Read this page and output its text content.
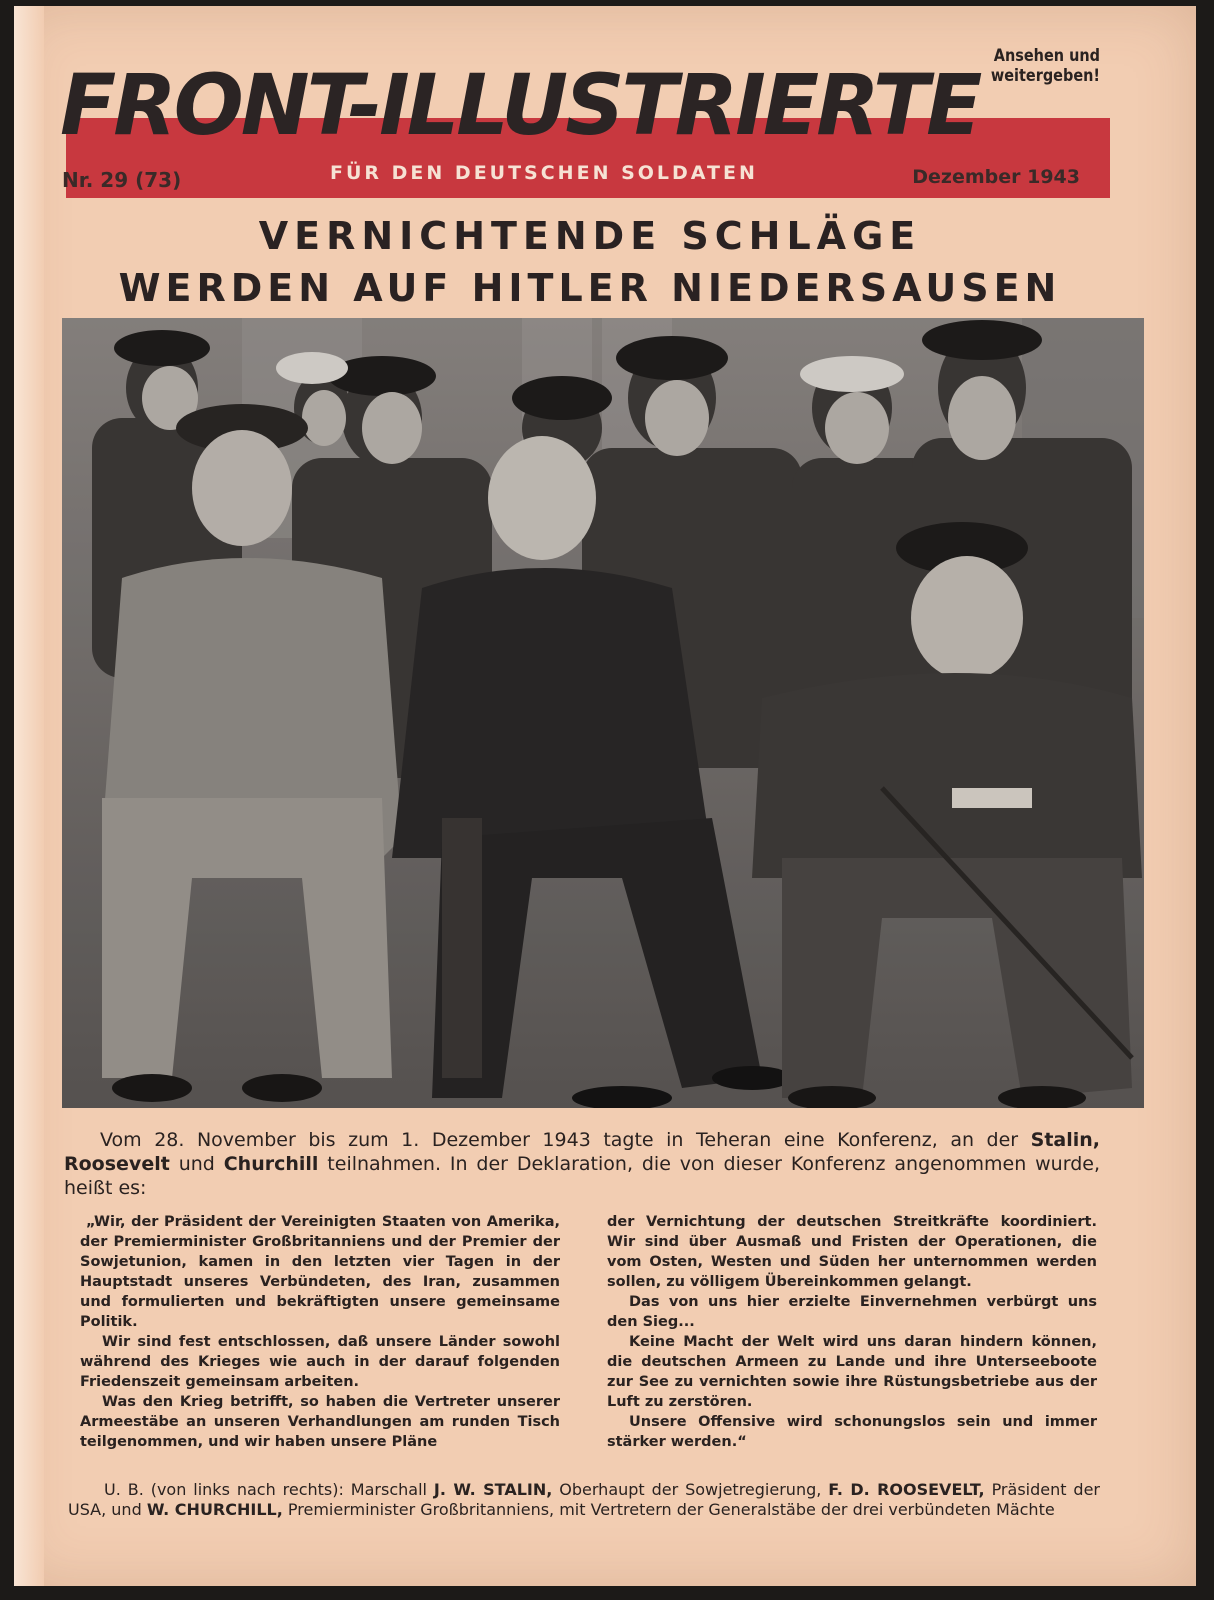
Ansehen und weitergeben!
FRONT-ILLUSTRIERTE
Nr. 29 (73)	FÜR DEN DEUTSCHEN SOLDATEN	Dezember 1943
VERNICHTENDE SCHLÄGE
WERDEN AUF HITLER NIEDERSAUSEN
Vom 28. November bis zum 1. Dezember 1943 tagte in Teheran eine Konferenz, an der Stalin, Roosevelt und Churchill teilnahmen. In der Deklaration, die von dieser Konferenz angenommen wurde, heißt es:

„Wir, der Präsident der Vereinigten Staaten von Amerika, der Premierminister Großbritanniens und der Premier der Sowjetunion, kamen in den letzten vier Tagen in der Hauptstadt unseres Verbündeten, des Iran, zusammen und formulierten und bekräftigten unsere gemeinsame Politik.

Wir sind fest entschlossen, daß unsere Länder sowohl während des Krieges wie auch in der darauf folgenden Friedenszeit gemeinsam arbeiten.

Was den Krieg betrifft, so haben die Vertreter unserer Armeestäbe an unseren Verhandlungen am runden Tisch teilgenommen, und wir haben unsere Pläne

der Vernichtung der deutschen Streitkräfte koordiniert. Wir sind über Ausmaß und Fristen der Operationen, die vom Osten, Westen und Süden her unternommen werden sollen, zu völligem Übereinkommen gelangt.

Das von uns hier erzielte Einvernehmen verbürgt uns den Sieg...

Keine Macht der Welt wird uns daran hindern können, die deutschen Armeen zu Lande und ihre Unterseeboote zur See zu vernichten sowie ihre Rüstungsbetriebe aus der Luft zu zerstören.

Unsere Offensive wird schonungslos sein und immer stärker werden.“

U. B. (von links nach rechts): Marschall J. W. STALIN, Oberhaupt der Sowjetregierung, F. D. ROOSEVELT, Präsident der USA, und W. CHURCHILL, Premierminister Großbritanniens, mit Vertretern der Generalstäbe der drei verbündeten Mächte
